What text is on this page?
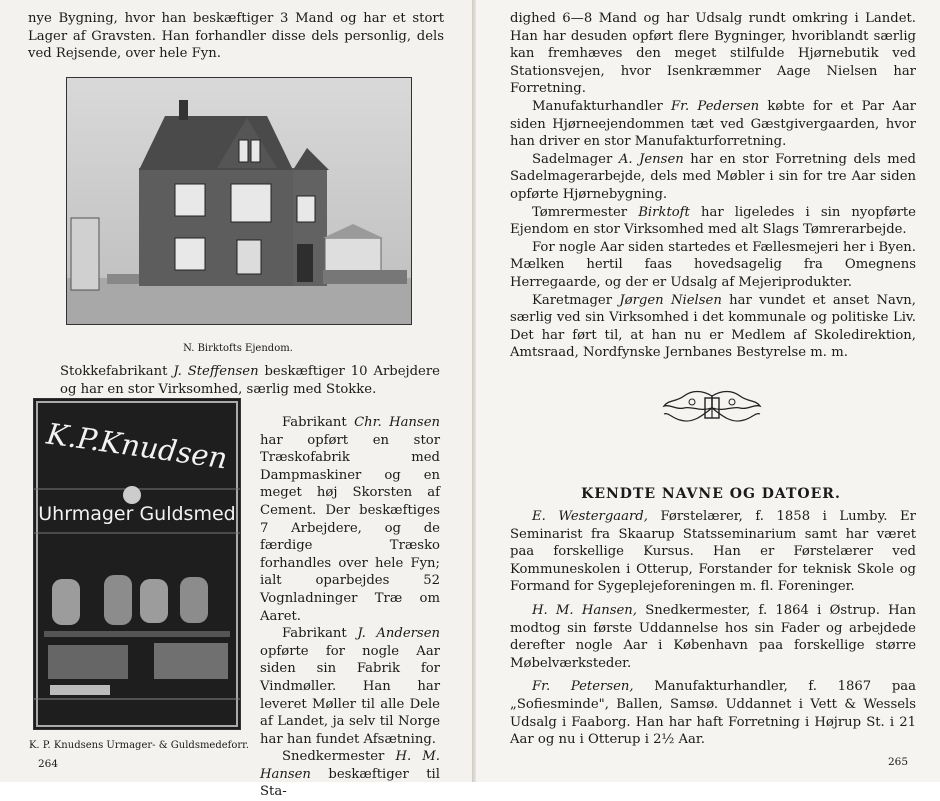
nye Bygning, hvor han beskæftiger 3 Mand og har et stort Lager af Gravsten. Han forhandler disse dels personlig, dels ved Rejsende, over hele Fyn.

N. Birktofts Ejendom.

K.P.Knudsen
Uhrmager Guldsmed

Stokkefabrikant J. Steffensen beskæftiger 10 Arbejdere og har en stor Virksomhed, særlig med Stokke.

Fabrikant Chr. Hansen har opført en stor Træskofabrik med Dampmaskiner og en meget høj Skorsten af Cement. Der beskæftiges 7 Arbejdere, og de færdige Træsko forhandles over hele Fyn; ialt oparbejdes 52 Vognladninger Træ om Aaret.

Fabrikant J. Andersen opførte for nogle Aar siden sin Fabrik for Vindmøller. Han har leveret Møller til alle Dele af Landet, ja selv til Norge har han fundet Afsætning.

Snedkermester H. M. Hansen beskæftiger til Sta-

K. P. Knudsens Urmager- & Guldsmedeforr.

264

dighed 6—8 Mand og har Udsalg rundt omkring i Landet. Han har desuden opført flere Bygninger, hvoriblandt særlig kan fremhæves den meget stilfulde Hjørnebutik ved Stationsvejen, hvor Isenkræmmer Aage Nielsen har Forretning.

Manufakturhandler Fr. Pedersen købte for et Par Aar siden Hjørneejendommen tæt ved Gæstgivergaarden, hvor han driver en stor Manufakturforretning.

Sadelmager A. Jensen har en stor Forretning dels med Sadelmagerarbejde, dels med Møbler i sin for tre Aar siden opførte Hjørnebygning.

Tømrermester Birktoft har ligeledes i sin nyopførte Ejendom en stor Virksomhed med alt Slags Tømrerarbejde.

For nogle Aar siden startedes et Fællesmejeri her i Byen. Mælken hertil faas hovedsagelig fra Omegnens Herregaarde, og der er Udsalg af Mejeriprodukter.

Karetmager Jørgen Nielsen har vundet et anset Navn, særlig ved sin Virksomhed i det kommunale og politiske Liv. Det har ført til, at han nu er Medlem af Skoledirektion, Amtsraad, Nordfynske Jernbanes Bestyrelse m. m.

KENDTE NAVNE OG DATOER.

E. Westergaard, Førstelærer, f. 1858 i Lumby. Er Seminarist fra Skaarup Statsseminarium samt har været paa forskellige Kursus. Han er Førstelærer ved Kommuneskolen i Otterup, Forstander for teknisk Skole og Formand for Sygeplejeforeningen m. fl. Foreninger.

H. M. Hansen, Snedkermester, f. 1864 i Østrup. Han modtog sin første Uddannelse hos sin Fader og arbejdede derefter nogle Aar i København paa forskellige større Møbelværksteder.

Fr. Petersen, Manufakturhandler, f. 1867 paa „Sofiesminde", Ballen, Samsø. Uddannet i Vett & Wessels Udsalg i Faaborg. Han har haft Forretning i Højrup St. i 21 Aar og nu i Otterup i 2½ Aar.

265
